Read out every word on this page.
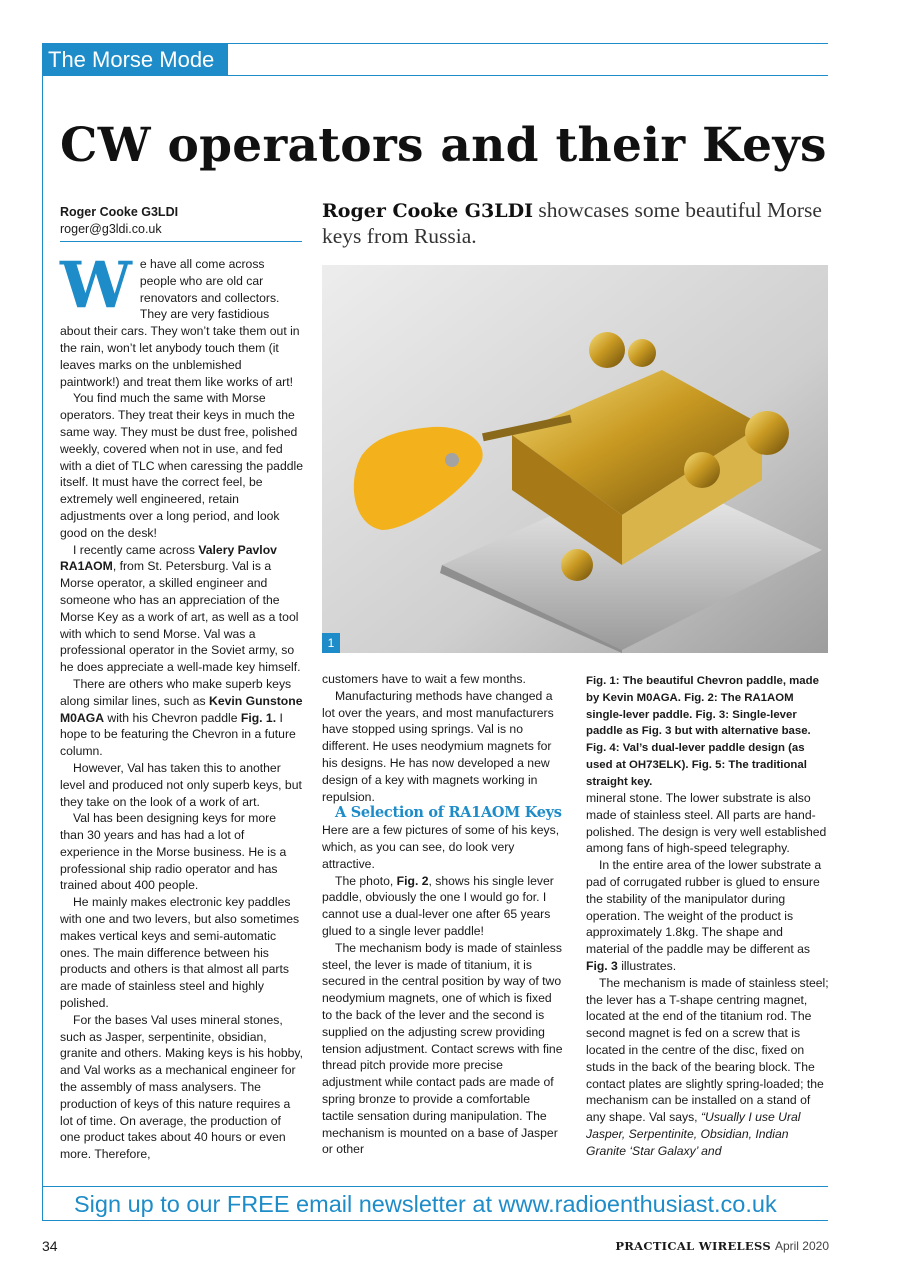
The Morse Mode
CW operators and their Keys
Roger Cooke G3LDI
roger@g3ldi.co.uk
Roger Cooke G3LDI showcases some beautiful Morse keys from Russia.
1

We have all come across people who are old car renovators and collectors. They are very fastidious about their cars. They won’t take them out in the rain, won’t let anybody touch them (it leaves marks on the unblemished paintwork!) and treat them like works of art!

You find much the same with Morse operators. They treat their keys in much the same way. They must be dust free, polished weekly, covered when not in use, and fed with a diet of TLC when caressing the paddle itself. It must have the correct feel, be extremely well engineered, retain adjustments over a long period, and look good on the desk!

I recently came across Valery Pavlov RA1AOM, from St. Petersburg. Val is a Morse operator, a skilled engineer and someone who has an appreciation of the Morse Key as a work of art, as well as a tool with which to send Morse. Val was a professional operator in the Soviet army, so he does appreciate a well-made key himself.

There are others who make superb keys along similar lines, such as Kevin Gunstone M0AGA with his Chevron paddle Fig. 1. I hope to be featuring the Chevron in a future column.

However, Val has taken this to another level and produced not only superb keys, but they take on the look of a work of art.

Val has been designing keys for more than 30 years and has had a lot of experience in the Morse business. He is a professional ship radio operator and has trained about 400 people.

He mainly makes electronic key paddles with one and two levers, but also sometimes makes vertical keys and semi-automatic ones. The main difference between his products and others is that almost all parts are made of stainless steel and highly polished.

For the bases Val uses mineral stones, such as Jasper, serpentinite, obsidian, granite and others. Making keys is his hobby, and Val works as a mechanical engineer for the assembly of mass analysers. The production of keys of this nature requires a lot of time. On average, the production of one product takes about 40 hours or even more. Therefore,

customers have to wait a few months.

Manufacturing methods have changed a lot over the years, and most manufacturers have stopped using springs. Val is no different. He uses neodymium magnets for his designs. He has now developed a new design of a key with magnets working in repulsion.

A Selection of RA1AOM Keys

Here are a few pictures of some of his keys, which, as you can see, do look very attractive.

The photo, Fig. 2, shows his single lever paddle, obviously the one I would go for. I cannot use a dual-lever one after 65 years glued to a single lever paddle!

The mechanism body is made of stainless steel, the lever is made of titanium, it is secured in the central position by way of two neodymium magnets, one of which is fixed to the back of the lever and the second is supplied on the adjusting screw providing tension adjustment. Contact screws with fine thread pitch provide more precise adjustment while contact pads are made of spring bronze to provide a comfortable tactile sensation during manipulation. The mechanism is mounted on a base of Jasper or other

Fig. 1: The beautiful Chevron paddle, made by Kevin M0AGA. Fig. 2: The RA1AOM single-lever paddle. Fig. 3: Single-lever paddle as Fig. 3 but with alternative base. Fig. 4: Val’s dual-lever paddle design (as used at OH73ELK). Fig. 5: The traditional straight key.

mineral stone. The lower substrate is also made of stainless steel. All parts are hand-polished. The design is very well established among fans of high-speed telegraphy.

In the entire area of the lower substrate a pad of corrugated rubber is glued to ensure the stability of the manipulator during operation. The weight of the product is approximately 1.8kg. The shape and material of the paddle may be different as Fig. 3 illustrates.

The mechanism is made of stainless steel; the lever has a T-shape centring magnet, located at the end of the titanium rod. The second magnet is fed on a screw that is located in the centre of the disc, fixed on studs in the back of the bearing block. The contact plates are slightly spring-loaded; the mechanism can be installed on a stand of any shape. Val says, “Usually I use Ural Jasper, Serpentinite, Obsidian, Indian Granite ‘Star Galaxy’ and

Sign up to our FREE email newsletter at www.radioenthusiast.co.uk
34	PRACTICAL WIRELESS April 2020
